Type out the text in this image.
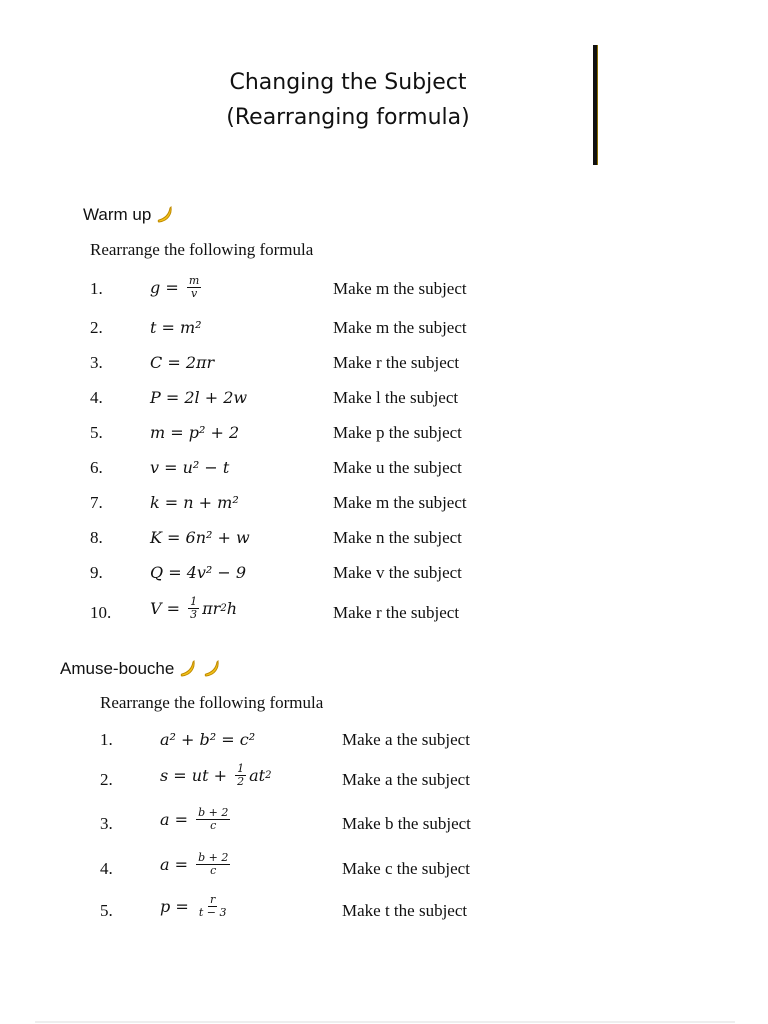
Changing the Subject
(Rearranging formula)
Warm up
Rearrange the following formula
1.	$g = \frac{m}{v}$	Make m the subject
2.	t = m²	Make m the subject
3.	C = 2πr	Make r the subject
4.	P = 2l + 2w	Make l the subject
5.	m = p² + 2	Make p the subject
6.	v = u² − t	Make u the subject
7.	k = n + m²	Make m the subject
8.	K = 6n² + w	Make n the subject
9.	Q = 4v² − 9	Make v the subject
10. $V = \frac{1}{3}$ πr 2 h	Make r the subject
Amuse-bouche
Rearrange the following formula
1.	a² + b² = c²	Make a the subject
2.	s = ut + $\frac{1}{2}$ at 2	Make a the subject
3.	$a = \frac{b + 2}{c}$	Make b the subject
4.	$a = \frac{b + 2}{c}$	Make c the subject
5.	$p = \frac{r}{t - 3}$	Make t the subject
